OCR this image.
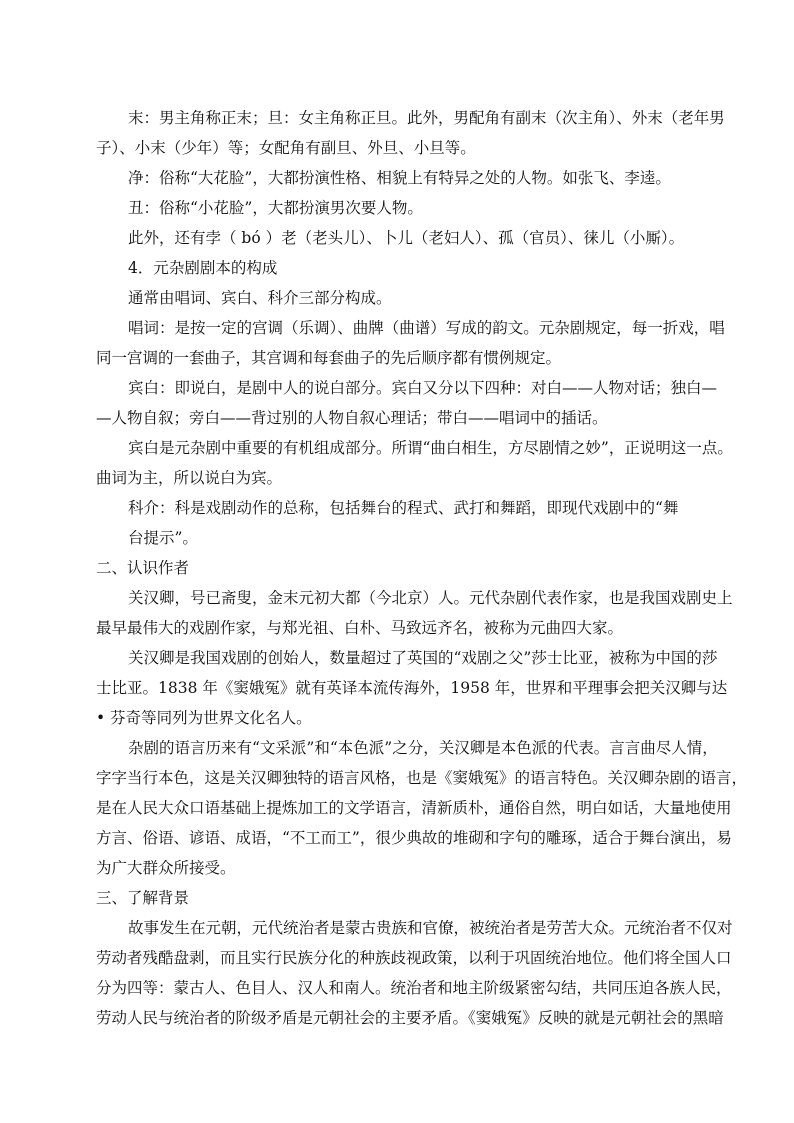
末：男主角称正末；旦：女主角称正旦。此外，男配角有副末（次主角）、外末（老年男
子）、小末（少年）等；女配角有副旦、外旦、小旦等。
净：俗称“大花脸”，大都扮演性格、相貌上有特异之处的人物。如张飞、李逵。
丑：俗称“小花脸”，大都扮演男次要人物。
此外，还有孛（ bó ）老（老头儿）、卜儿（老妇人）、孤（官员）、徕儿（小厮）。
4．元杂剧剧本的构成
通常由唱词、宾白、科介三部分构成。
唱词：是按一定的宫调（乐调）、曲牌（曲谱）写成的韵文。元杂剧规定，每一折戏，唱
同一宫调的一套曲子，其宫调和每套曲子的先后顺序都有惯例规定。
宾白：即说白，是剧中人的说白部分。宾白又分以下四种：对白——人物对话；独白—
—人物自叙；旁白——背过别的人物自叙心理话；带白——唱词中的插话。
宾白是元杂剧中重要的有机组成部分。所谓“曲白相生，方尽剧情之妙”，正说明这一点。
曲词为主，所以说白为宾。
科介：科是戏剧动作的总称，包括舞台的程式、武打和舞蹈，即现代戏剧中的“舞
台提示”。
二、认识作者
关汉卿，号已斋叟，金末元初大都（今北京）人。元代杂剧代表作家，也是我国戏剧史上
最早最伟大的戏剧作家，与郑光祖、白朴、马致远齐名，被称为元曲四大家。
关汉卿是我国戏剧的创始人，数量超过了英国的“戏剧之父”莎士比亚，被称为中国的莎
士比亚。1838 年《窦娥冤》就有英译本流传海外，1958 年，世界和平理事会把关汉卿与达
• 芬奇等同列为世界文化名人。
杂剧的语言历来有“文采派”和“本色派”之分，关汉卿是本色派的代表。言言曲尽人情，
字字当行本色，这是关汉卿独特的语言风格，也是《窦娥冤》的语言特色。关汉卿杂剧的语言，
是在人民大众口语基础上提炼加工的文学语言，清新质朴，通俗自然，明白如话，大量地使用
方言、俗语、谚语、成语，“不工而工”，很少典故的堆砌和字句的雕琢，适合于舞台演出，易
为广大群众所接受。
三、了解背景
故事发生在元朝，元代统治者是蒙古贵族和官僚，被统治者是劳苦大众。元统治者不仅对
劳动者残酷盘剥，而且实行民族分化的种族歧视政策，以利于巩固统治地位。他们将全国人口
分为四等：蒙古人、色目人、汉人和南人。统治者和地主阶级紧密勾结，共同压迫各族人民，
劳动人民与统治者的阶级矛盾是元朝社会的主要矛盾。《窦娥冤》反映的就是元朝社会的黑暗
